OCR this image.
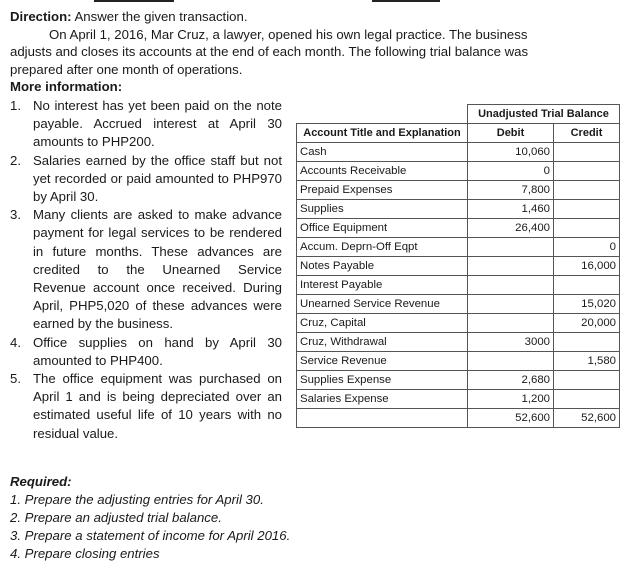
Direction: Answer the given transaction.

On April 1, 2016, Mar Cruz, a lawyer, opened his own legal practice. The business

adjusts and closes its accounts at the end of each month. The following trial balance was

prepared after one month of operations.

More information:

1. No interest has yet been paid on the note payable. Accrued interest at April 30 amounts to PHP200.
2. Salaries earned by the office staff but not yet recorded or paid amounted to PHP970 by April 30.
3. Many clients are asked to make advance payment for legal services to be rendered in future months. These advances are credited to the Unearned Service Revenue account once received. During April, PHP5,020 of these advances were earned by the business.
4. Office supplies on hand by April 30 amounted to PHP400.
5. The office equipment was purchased on April 1 and is being depreciated over an estimated useful life of 10 years with no residual value.
	Unadjusted Trial Balance	
Account Title and Explanation	Debit	Credit
Cash	10,060	
Accounts Receivable	0	
Prepaid Expenses	7,800	
Supplies	1,460	
Office Equipment	26,400	
Accum. Deprn-Off Eqpt		0
Notes Payable		16,000
Interest Payable		
Unearned Service Revenue		15,020
Cruz, Capital		20,000
Cruz, Withdrawal	3000	
Service Revenue		1,580
Supplies Expense	2,680	
Salaries Expense	1,200	
	52,600	52,600
Required:
1. Prepare the adjusting entries for April 30.
2. Prepare an adjusted trial balance.
3. Prepare a statement of income for April 2016.
4. Prepare closing entries
